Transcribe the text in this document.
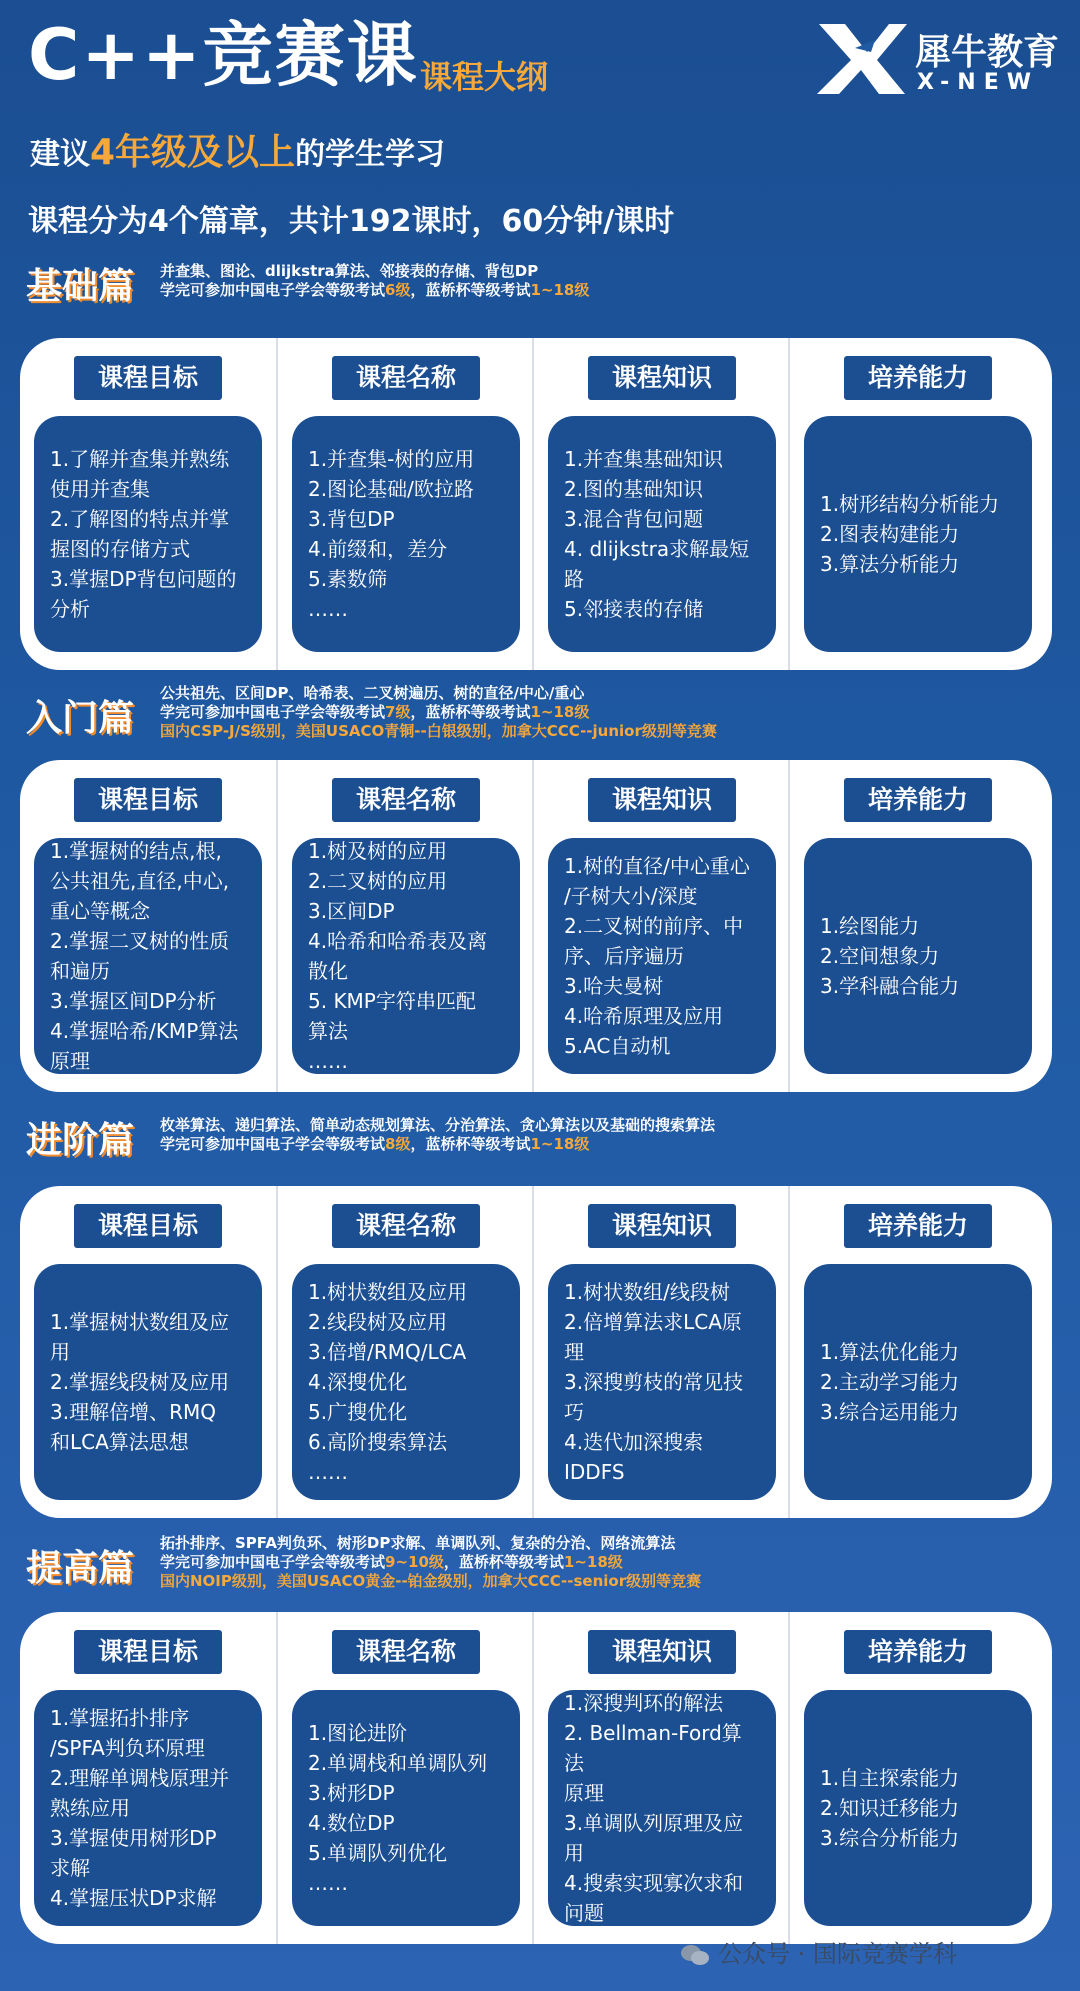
C++竞赛课 课程大纲
犀牛教育
X-NEW
建议4年级及以上的学生学习
课程分为4个篇章，共计192课时，60分钟/课时
基础篇 并查集、图论、dlijkstra算法、邻接表的存储、背包DP
学完可参加中国电子学会等级考试6级，蓝桥杯等级考试1~18级
课程目标
1.了解并查集并熟练
使用并查集
2.了解图的特点并掌
握图的存储方式
3.掌握DP背包问题的
分析
课程名称
1.并查集-树的应用
2.图论基础/欧拉路
3.背包DP
4.前缀和，差分
5.素数筛
……
课程知识
1.并查集基础知识
2.图的基础知识
3.混合背包问题
4. dlijkstra求解最短
路
5.邻接表的存储
培养能力
1.树形结构分析能力
2.图表构建能力
3.算法分析能力
入门篇
公共祖先、区间DP、哈希表、二叉树遍历、树的直径/中心/重心
学完可参加中国电子学会等级考试7级，蓝桥杯等级考试1~18级
国内CSP-J/S级别，美国USACO青铜--白银级别，加拿大CCC--junior级别等竞赛
课程目标
1.掌握树的结点,根,
公共祖先,直径,中心,
重心等概念
2.掌握二叉树的性质
和遍历
3.掌握区间DP分析
4.掌握哈希/KMP算法
原理
课程名称
1.树及树的应用
2.二叉树的应用
3.区间DP
4.哈希和哈希表及离
散化
5. KMP字符串匹配
算法
……
课程知识
1.树的直径/中心重心
/子树大小/深度
2.二叉树的前序、中
序、后序遍历
3.哈夫曼树
4.哈希原理及应用
5.AC自动机
培养能力
1.绘图能力
2.空间想象力
3.学科融合能力
进阶篇 枚举算法、递归算法、简单动态规划算法、分治算法、贪心算法以及基础的搜索算法
学完可参加中国电子学会等级考试8级，蓝桥杯等级考试1~18级
课程目标
1.掌握树状数组及应
用
2.掌握线段树及应用
3.理解倍增、RMQ
和LCA算法思想
课程名称
1.树状数组及应用
2.线段树及应用
3.倍增/RMQ/LCA
4.深搜优化
5.广搜优化
6.高阶搜索算法
……
课程知识
1.树状数组/线段树
2.倍增算法求LCA原
理
3.深搜剪枝的常见技
巧
4.迭代加深搜索
IDDFS
培养能力
1.算法优化能力
2.主动学习能力
3.综合运用能力
提高篇
拓扑排序、SPFA判负环、树形DP求解、单调队列、复杂的分治、网络流算法
学完可参加中国电子学会等级考试9~10级，蓝桥杯等级考试1~18级
国内NOIP级别，美国USACO黄金--铂金级别，加拿大CCC--senior级别等竞赛
课程目标
1.掌握拓扑排序
/SPFA判负环原理
2.理解单调栈原理并
熟练应用
3.掌握使用树形DP
求解
4.掌握压状DP求解
课程名称
1.图论进阶
2.单调栈和单调队列
3.树形DP
4.数位DP
5.单调队列优化
……
课程知识
1.深搜判环的解法
2. Bellman-Ford算法
原理
3.单调队列原理及应
用
4.搜索实现寡次求和
问题
培养能力
1.自主探索能力
2.知识迁移能力
3.综合分析能力
公众号 · 国际竞赛学科
